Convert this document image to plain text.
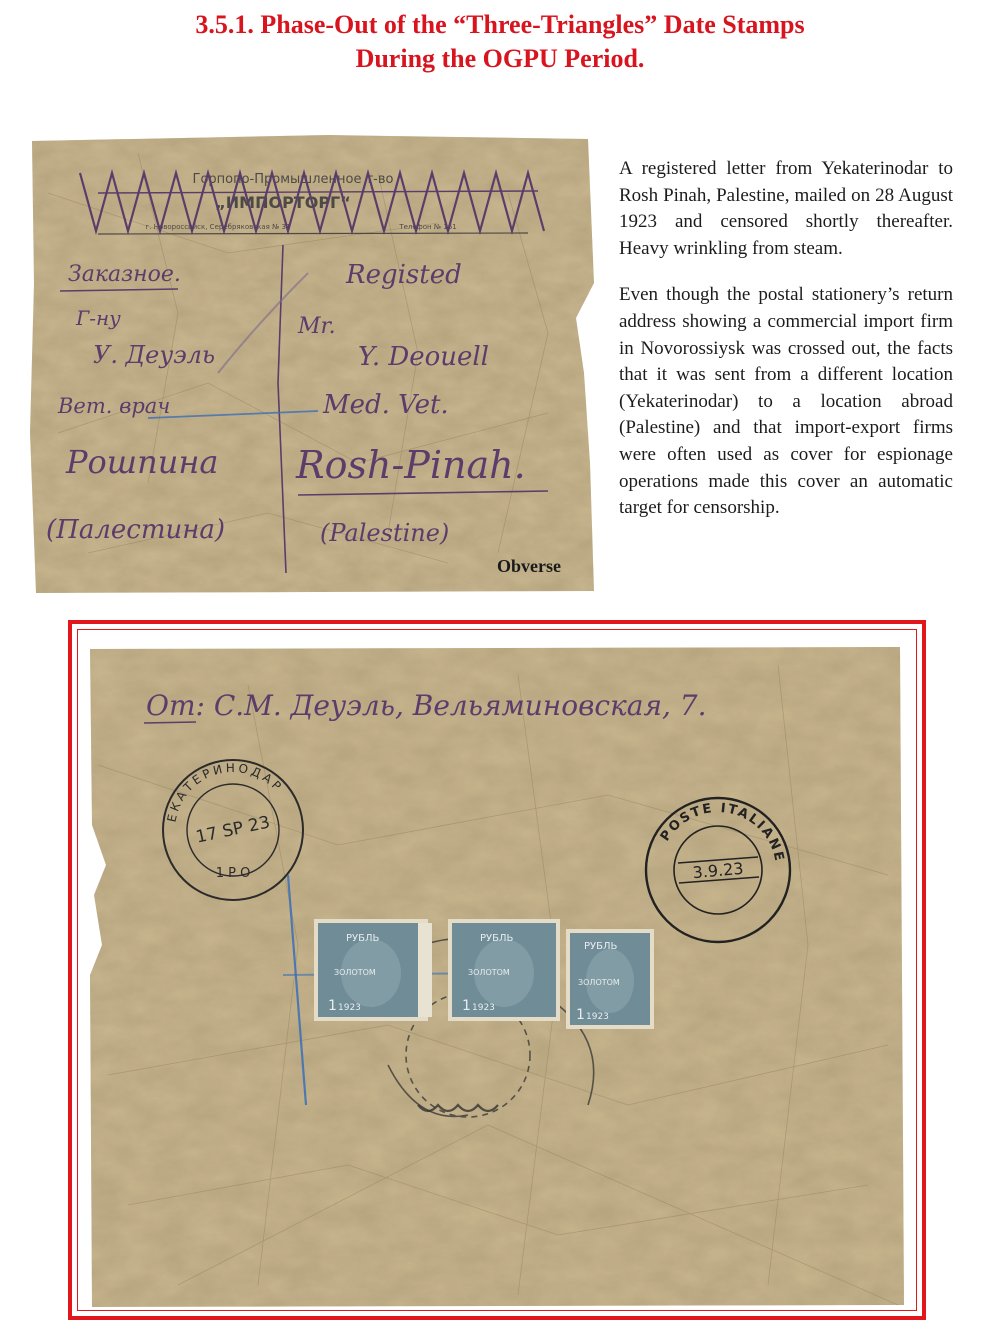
3.5.1. Phase-Out of the “Three-Triangles” Date Stamps
During the OGPU Period.
Горпопо-Промышленное т-во
„ИМПОРТОРГ“
г. Новороссийск, Серебряковская № 31	Телефон № 161
Заказное.
Г-ну
У. Деуэль
Вет. врач
Рошпина
(Палестина)
Registed
Mr.
Y. Deouell
Med. Vet.
Rosh-Pinah.
(Palestine)
Obverse

A registered letter from Yekaterinodar to Rosh Pinah, Palestine, mailed on 28 August 1923 and censored shortly thereafter. Heavy wrinkling from steam.

Even though the postal stationery’s return address showing a commercial import firm in Novorossiysk was crossed out, the facts that it was sent from a different location (Yekaterinodar) to a location abroad (Palestine) and that import-export firms were often used as cover for espionage operations made this cover an automatic target for censorship.

От: С.М. Деуэль, Вельяминовская, 7.
ЕКАТЕРИНОДАР
17 SP 23
1 Р О
POSTE ITALIANE
3.9.23
РУБЛЬ
1 1923
РУБЛЬ
1 1923
РУБЛЬ
1 1923
ЗОЛОТОМ	ЗОЛОТОМ
ЗОЛОТОМ
